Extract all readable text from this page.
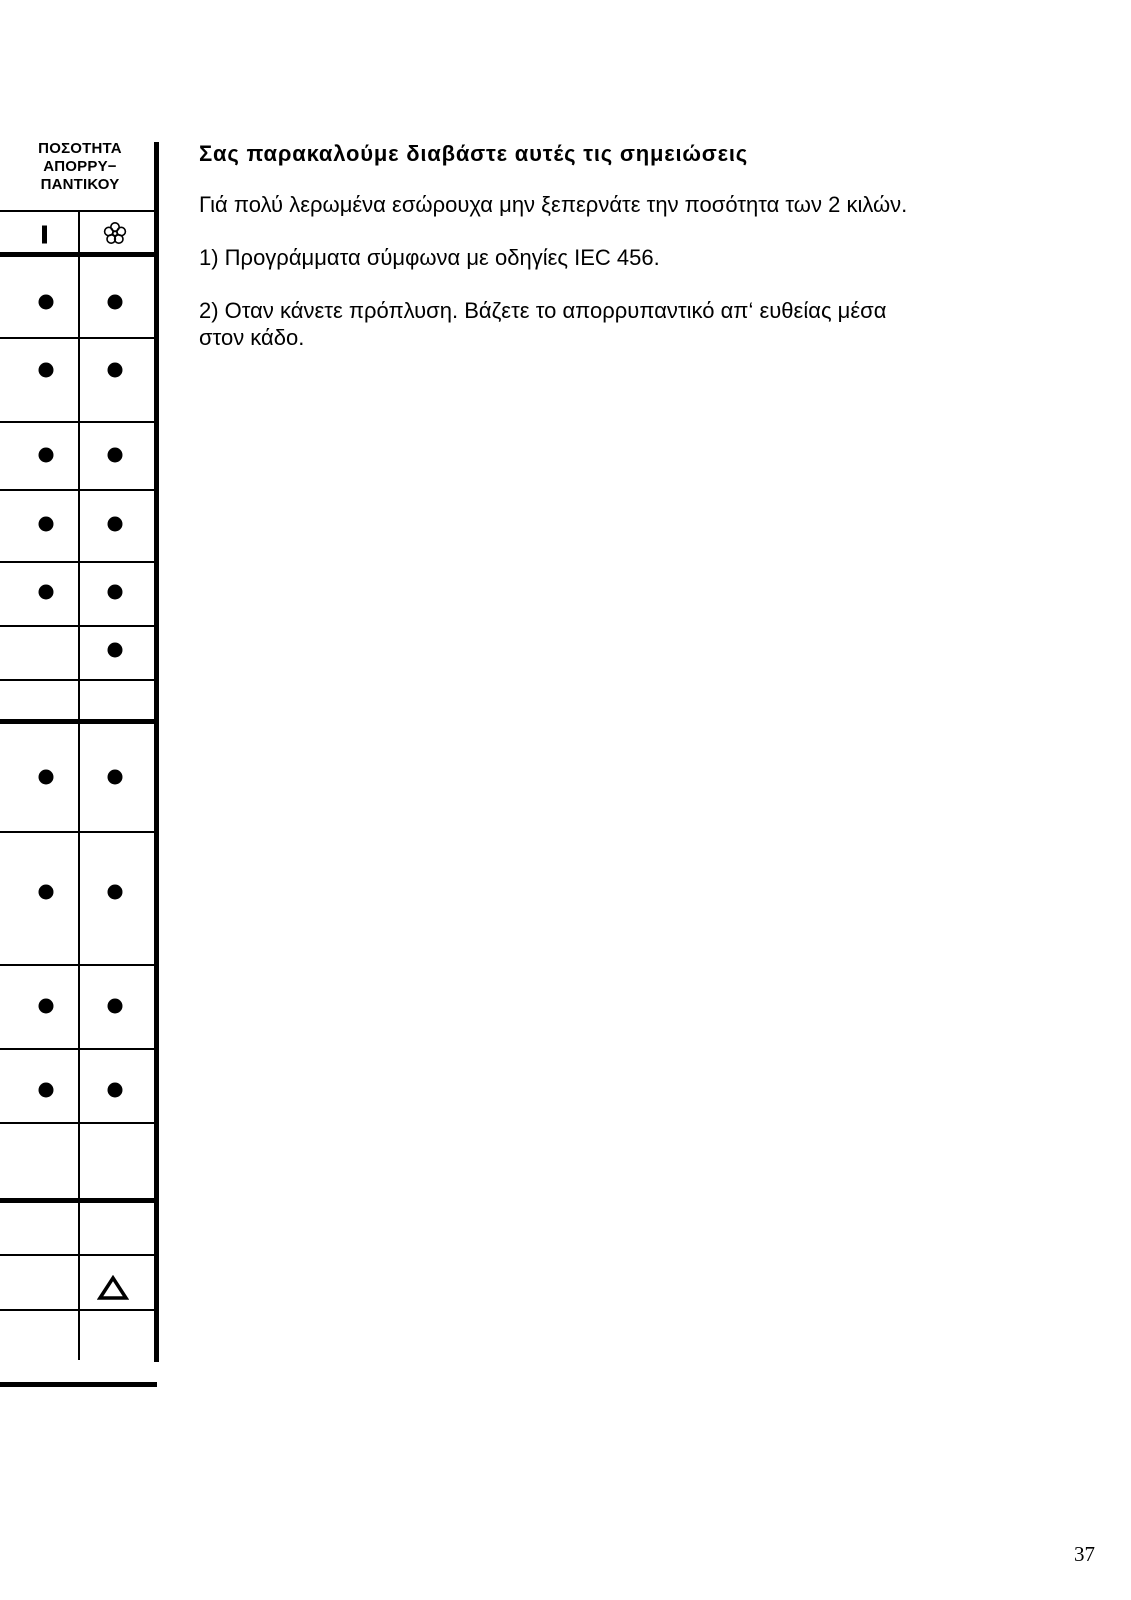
ΠΟΣΟΤΗΤΑ
ΑΠΟΡΡΥ−
ΠΑΝΤΙΚΟΥ
Σας παρακαλούμε διαβάστε αυτές τις σημειώσεις

Γιά πολύ λερωμένα εσώρουχα μην ξεπερνάτε την ποσότητα των 2 κιλών.

1) Προγράμματα σύμφωνα με οδηγίες IEC 456.

2) Οταν κάνετε πρόπλυση. Βάζετε το απορρυπαντικό απ‘ ευθείας μέσα στον κάδο.

37
